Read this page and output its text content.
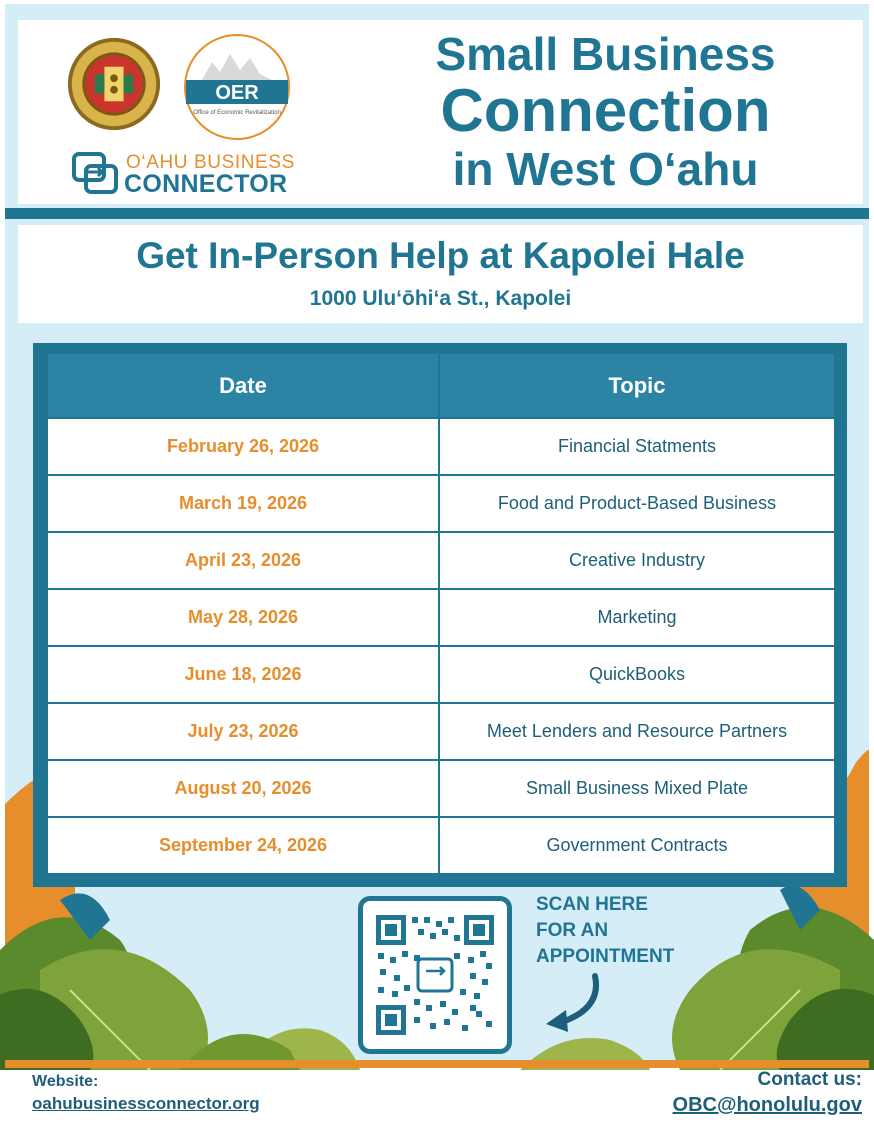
OER
Office of Economic Revitalization
O‘AHU BUSINESS
CONNECTOR
Small Business
Connection
in West Oʻahu
Get In-Person Help at Kapolei Hale
1000 Uluʻōhiʻa St., Kapolei
Date	Topic
February 26, 2026	Financial Statments
March 19, 2026	Food and Product-Based Business
April 23, 2026	Creative Industry
May 28, 2026	Marketing
June 18, 2026	QuickBooks
July 23, 2026	Meet Lenders and Resource Partners
August 20, 2026	Small Business Mixed Plate
September 24, 2026	Government Contracts
SCAN HERE
FOR AN
APPOINTMENT
Website:
oahubusinessconnector.org
Contact us:
OBC@honolulu.gov
